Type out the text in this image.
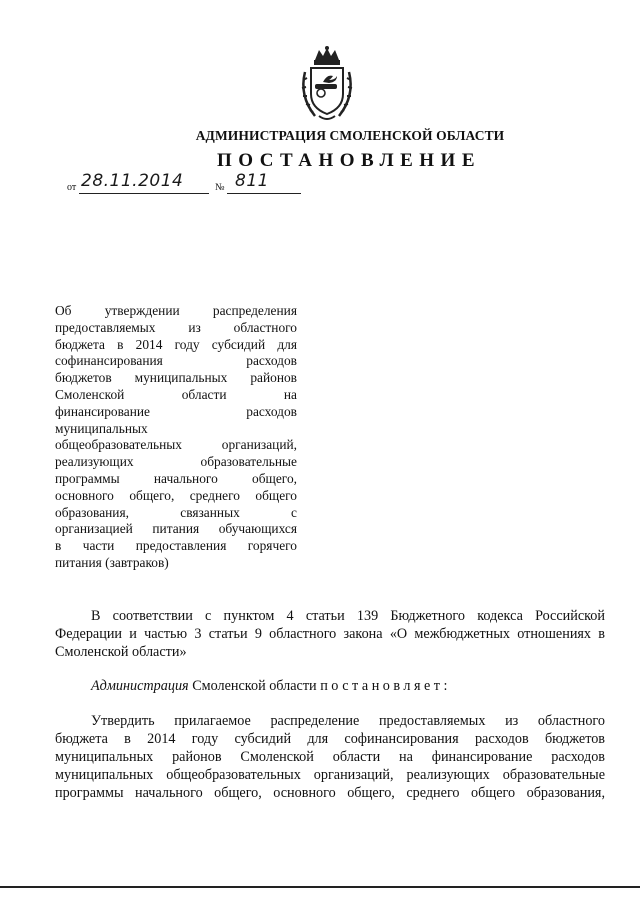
АДМИНИСТРАЦИЯ СМОЛЕНСКОЙ ОБЛАСТИ
ПОСТАНОВЛЕНИЕ
от 28.11.2014	№ 811
Об утверждении распределения
предоставляемых из областного
бюджета в 2014 году субсидий для
софинансирования расходов
бюджетов муниципальных районов
Смоленской области на
финансирование расходов
муниципальных
общеобразовательных организаций,
реализующих образовательные
программы начального общего,
основного общего, среднего общего
образования, связанных с
организацией питания обучающихся
в части предоставления горячего
питания (завтраков)
В соответствии с пунктом 4 статьи 139 Бюджетного кодекса Российской
Федерации и частью 3 статьи 9 областного закона «О межбюджетных отношениях в
Смоленской области»
Администрация Смоленской области постановляет:
Утвердить прилагаемое распределение предоставляемых из областного
бюджета в 2014 году субсидий для софинансирования расходов бюджетов
муниципальных районов Смоленской области на финансирование расходов
муниципальных общеобразовательных организаций, реализующих образовательные
программы начального общего, основного общего, среднего общего образования,
